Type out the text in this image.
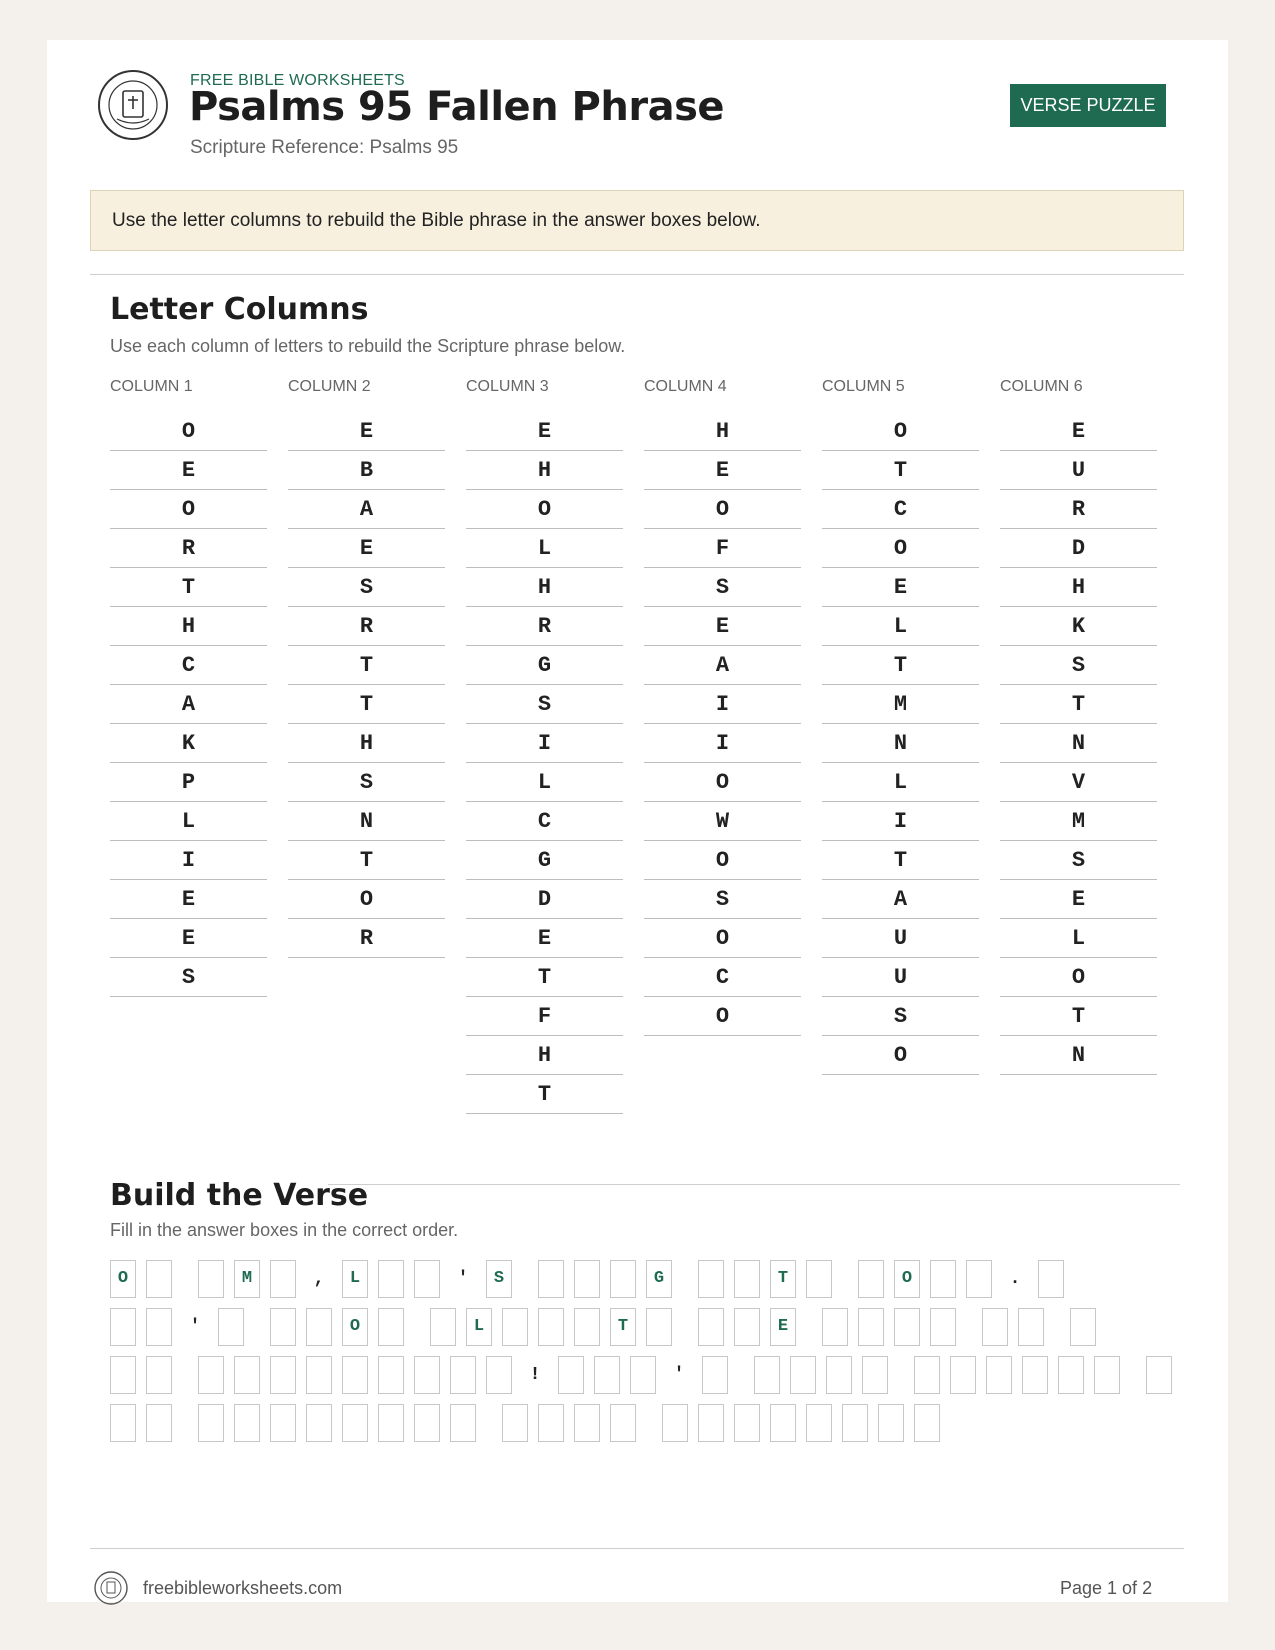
FREE BIBLE WORKSHEETS
Psalms 95 Fallen Phrase
Scripture Reference: Psalms 95
VERSE PUZZLE
Use the letter columns to rebuild the Bible phrase in the answer boxes below.
Letter Columns
Use each column of letters to rebuild the Scripture phrase below.
COLUMN 1
O
E
O
R
T
H
C
A
K
P
L
I
E
E
S
COLUMN 2
E
B
A
E
S
R
T
T
H
S
N
T
O
R
COLUMN 3
E
H
O
L
H
R
G
S
I
L
C
G
D
E
T
F
H
T
COLUMN 4
H
E
O
F
S
E
A
I
I
O
W
O
S
O
C
O
COLUMN 5
O
T
C
O
E
L
T
M
N
L
I
T
A
U
U
S
O
COLUMN 6
E
U
R
D
H
K
S
T
N
V
M
S
E
L
O
T
N
Build the Verse
Fill in the answer boxes in the correct order.
O	M	,	L	'	S	G	T	O	.
'	O	L	T	E
!	'
freebibleworksheets.com	Page 1 of 2
